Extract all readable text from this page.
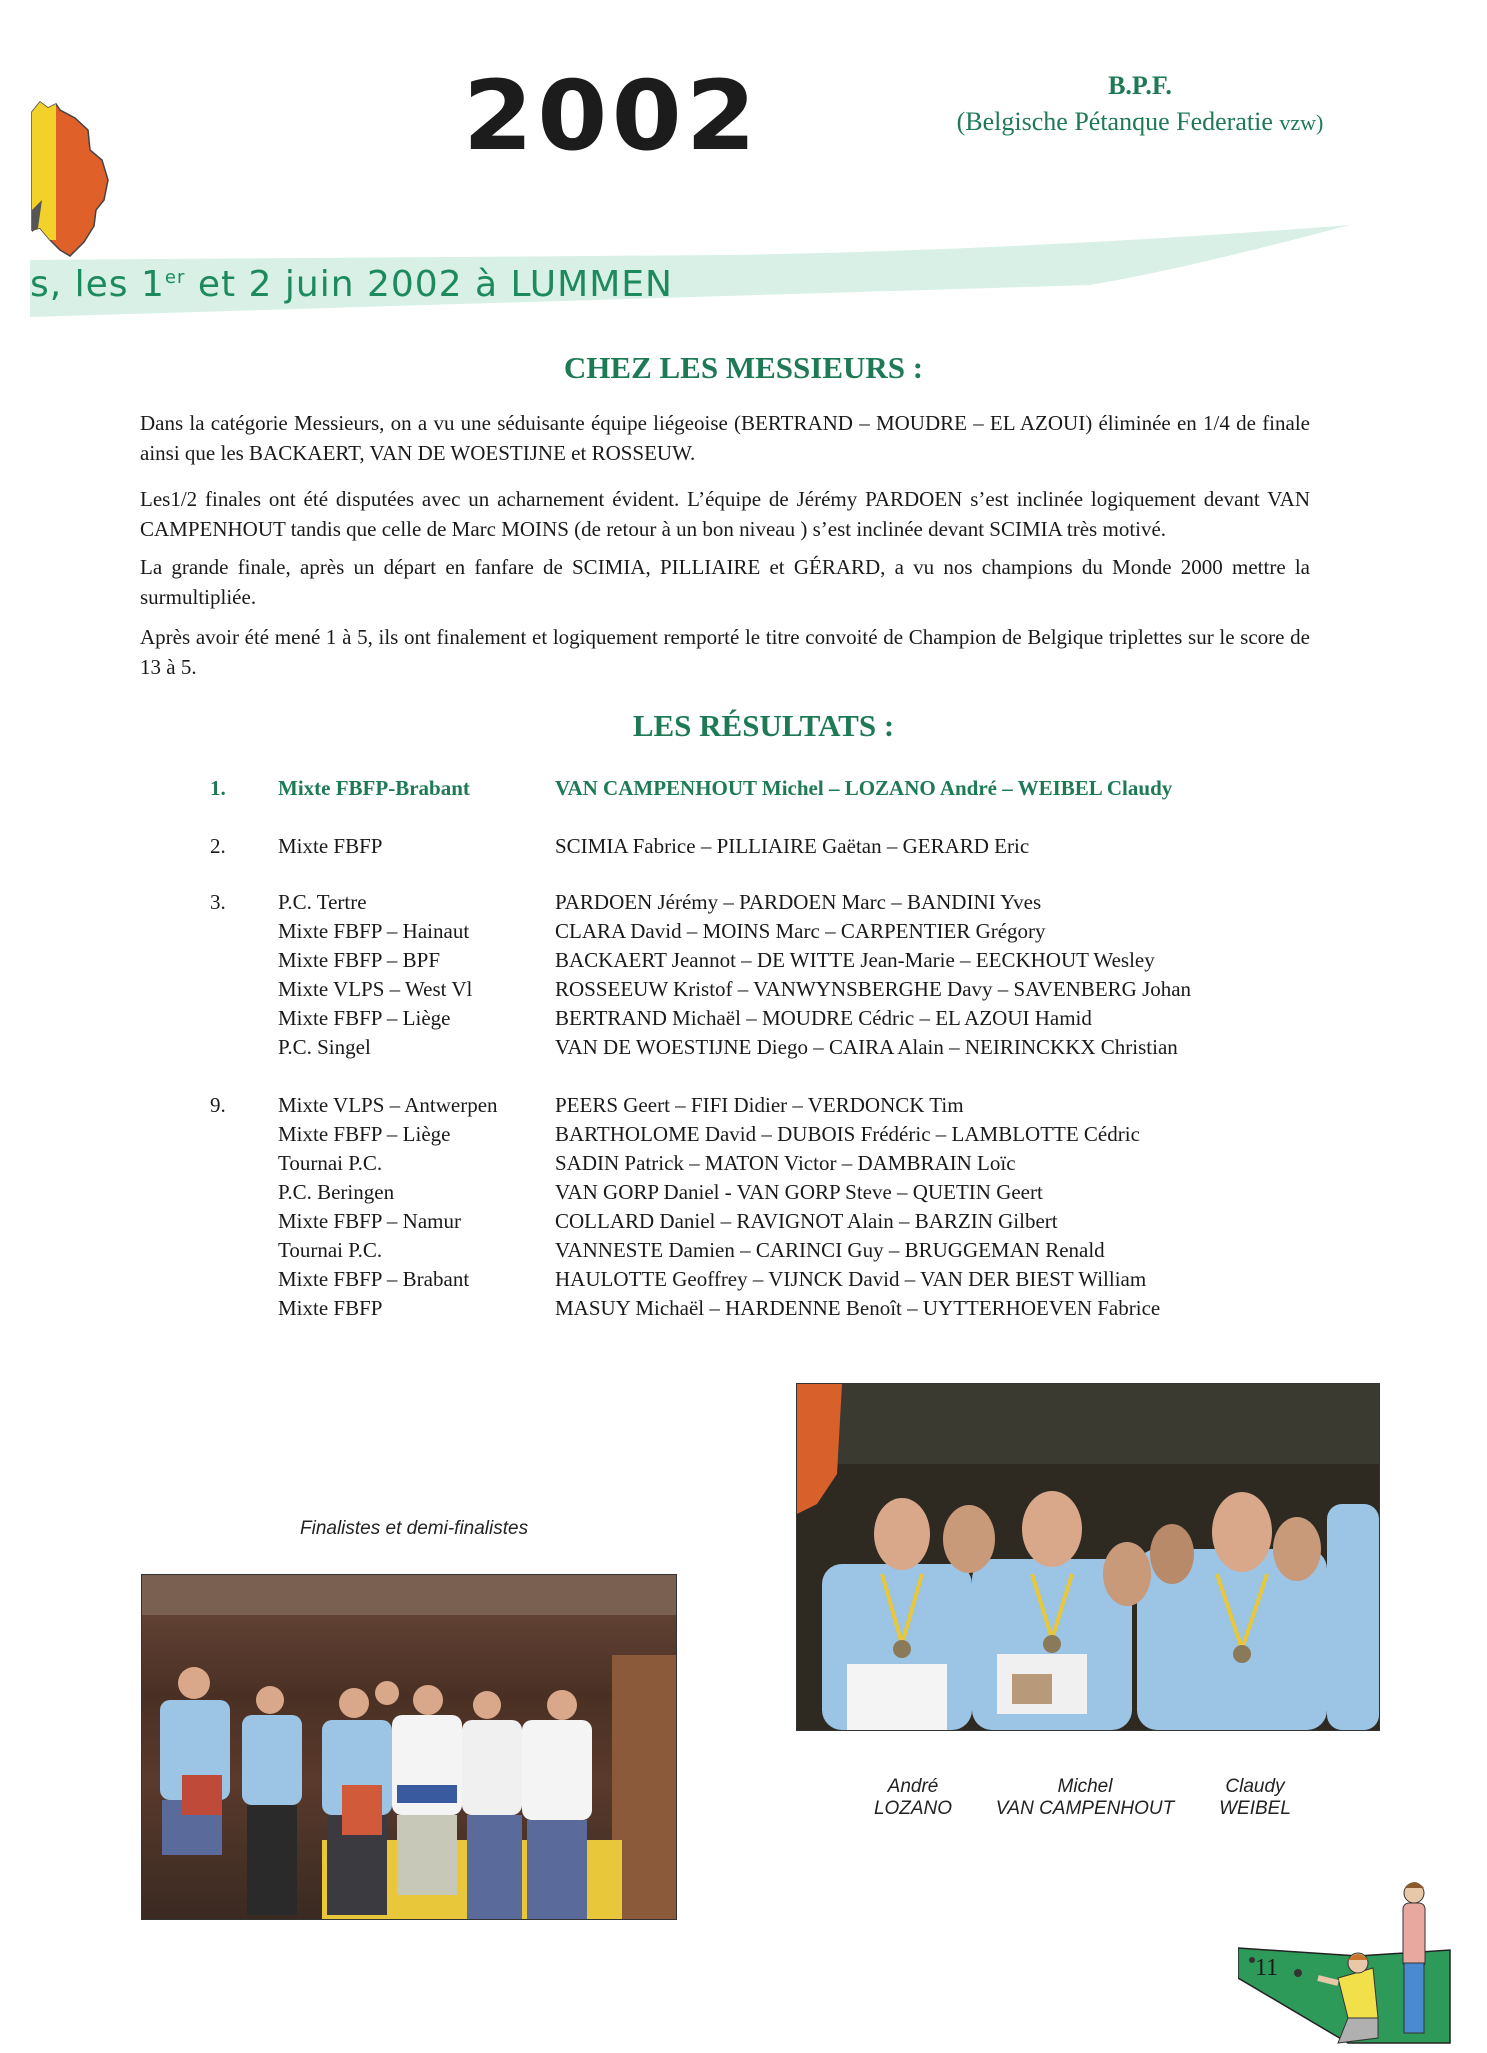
2002	B.P.F.
(Belgische Pétanque Federatie vzw)
s, les 1er et 2 juin 2002 à LUMMEN
CHEZ LES MESSIEURS :
Dans la catégorie Messieurs, on a vu une séduisante équipe liégeoise (BERTRAND – MOUDRE – EL AZOUI) éliminée en 1/4 de finale ainsi que les BACKAERT, VAN DE WOESTIJNE et ROSSEUW.
Les1/2 finales ont été disputées avec un acharnement évident. L’équipe de Jérémy PARDOEN s’est inclinée logiquement devant VAN CAMPENHOUT tandis que celle de Marc MOINS (de retour à un bon niveau ) s’est inclinée devant SCIMIA très motivé.
La grande finale, après un départ en fanfare de SCIMIA, PILLIAIRE et GÉRARD, a vu nos champions du Monde 2000 mettre la surmultipliée.
Après avoir été mené 1 à 5, ils ont finalement et logiquement remporté le titre convoité de Champion de Belgique triplettes sur le score de 13 à 5.
LES RÉSULTATS :
1.	Mixte FBFP-Brabant	VAN CAMPENHOUT Michel – LOZANO André – WEIBEL Claudy
2.	Mixte FBFP	SCIMIA Fabrice – PILLIAIRE Gaëtan – GERARD Eric
3.	P.C. Tertre	PARDOEN Jérémy – PARDOEN Marc – BANDINI Yves
Mixte FBFP – Hainaut	CLARA David – MOINS Marc – CARPENTIER Grégory
Mixte FBFP – BPF	BACKAERT Jeannot – DE WITTE Jean-Marie – EECKHOUT Wesley
Mixte VLPS – West Vl	ROSSEEUW Kristof – VANWYNSBERGHE Davy – SAVENBERG Johan
Mixte FBFP – Liège	BERTRAND Michaël – MOUDRE Cédric – EL AZOUI Hamid
P.C. Singel	VAN DE WOESTIJNE Diego – CAIRA Alain – NEIRINCKKX Christian
9.	Mixte VLPS – Antwerpen	PEERS Geert – FIFI Didier – VERDONCK Tim
Mixte FBFP – Liège	BARTHOLOME David – DUBOIS Frédéric – LAMBLOTTE Cédric
Tournai P.C.	SADIN Patrick – MATON Victor – DAMBRAIN Loïc
P.C. Beringen	VAN GORP Daniel - VAN GORP Steve – QUETIN Geert
Mixte FBFP – Namur	COLLARD Daniel – RAVIGNOT Alain – BARZIN Gilbert
Tournai P.C.	VANNESTE Damien – CARINCI Guy – BRUGGEMAN Renald
Mixte FBFP – Brabant	HAULOTTE Geoffrey – VIJNCK David – VAN DER BIEST William
Mixte FBFP	MASUY Michaël – HARDENNE Benoît – UYTTERHOEVEN Fabrice
Finalistes et demi-finalistes
André
LOZANO
Michel
VAN CAMPENHOUT
Claudy
WEIBEL
11
